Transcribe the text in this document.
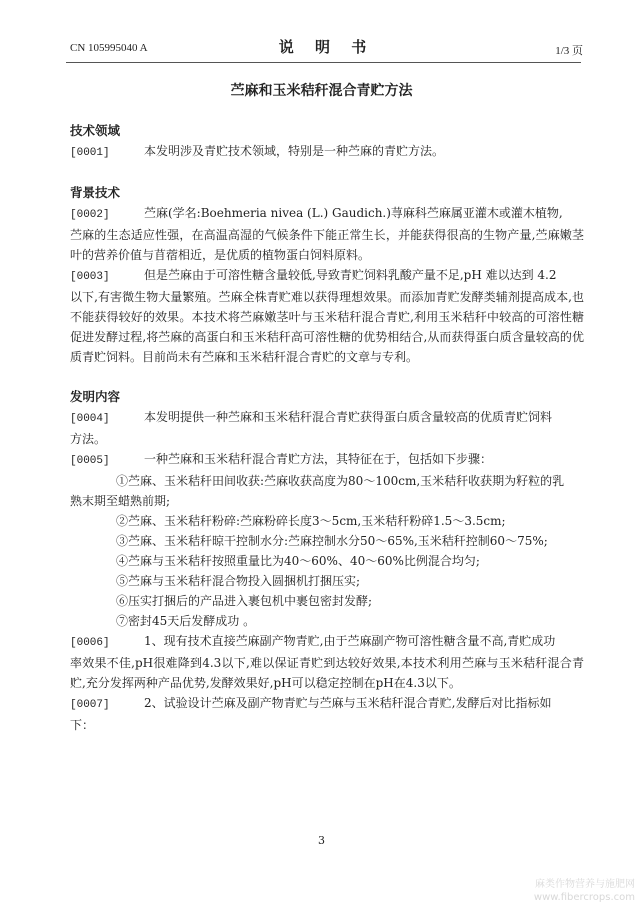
CN 105995040 A	说 明 书	1/3 页
苎麻和玉米秸秆混合青贮方法

技术领域

[0001]	本发明涉及青贮技术领域，特别是一种苎麻的青贮方法。

背景技术

[0002]	苎麻(学名:Boehmeria nivea (L.) Gaudich.)荨麻科苎麻属亚灌木或灌木植物,

苎麻的生态适应性强，在高温高湿的气候条件下能正常生长，并能获得很高的生物产量,苎麻嫩茎叶的营养价值与苜蓿相近，是优质的植物蛋白饲料原料。

[0003]	但是苎麻由于可溶性糖含量较低,导致青贮饲料乳酸产量不足,pH 难以达到 4.2

以下,有害微生物大量繁殖。苎麻全株青贮难以获得理想效果。而添加青贮发酵类辅剂提高成本,也不能获得较好的效果。本技术将苎麻嫩茎叶与玉米秸秆混合青贮,利用玉米秸秆中较高的可溶性糖促进发酵过程,将苎麻的高蛋白和玉米秸秆高可溶性糖的优势相结合,从而获得蛋白质含量较高的优质青贮饲料。目前尚未有苎麻和玉米秸秆混合青贮的文章与专利。

发明内容

[0004]	本发明提供一种苎麻和玉米秸秆混合青贮获得蛋白质含量较高的优质青贮饲料

方法。

[0005]	一种苎麻和玉米秸秆混合青贮方法，其特征在于，包括如下步骤：

①苎麻、玉米秸秆田间收获:苎麻收获高度为80～100cm,玉米秸秆收获期为籽粒的乳

熟末期至蜡熟前期;

②苎麻、玉米秸秆粉碎:苎麻粉碎长度3～5cm,玉米秸秆粉碎1.5～3.5cm;

③苎麻、玉米秸秆晾干控制水分:苎麻控制水分50～65%,玉米秸秆控制60～75%;

④苎麻与玉米秸秆按照重量比为40～60%、40～60%比例混合均匀;

⑤苎麻与玉米秸秆混合物投入圆捆机打捆压实;

⑥压实打捆后的产品进入裹包机中裹包密封发酵;

⑦密封45天后发酵成功 。

[0006]	1、现有技术直接苎麻副产物青贮,由于苎麻副产物可溶性糖含量不高,青贮成功

率效果不佳,pH很难降到4.3以下,难以保证青贮到达较好效果,本技术利用苎麻与玉米秸秆混合青贮,充分发挥两种产品优势,发酵效果好,pH可以稳定控制在pH在4.3以下。

[0007]	2、试验设计苎麻及副产物青贮与苎麻与玉米秸秆混合青贮,发酵后对比指标如

下：

3
麻类作物营养与施肥网
www.fibercrops.com
